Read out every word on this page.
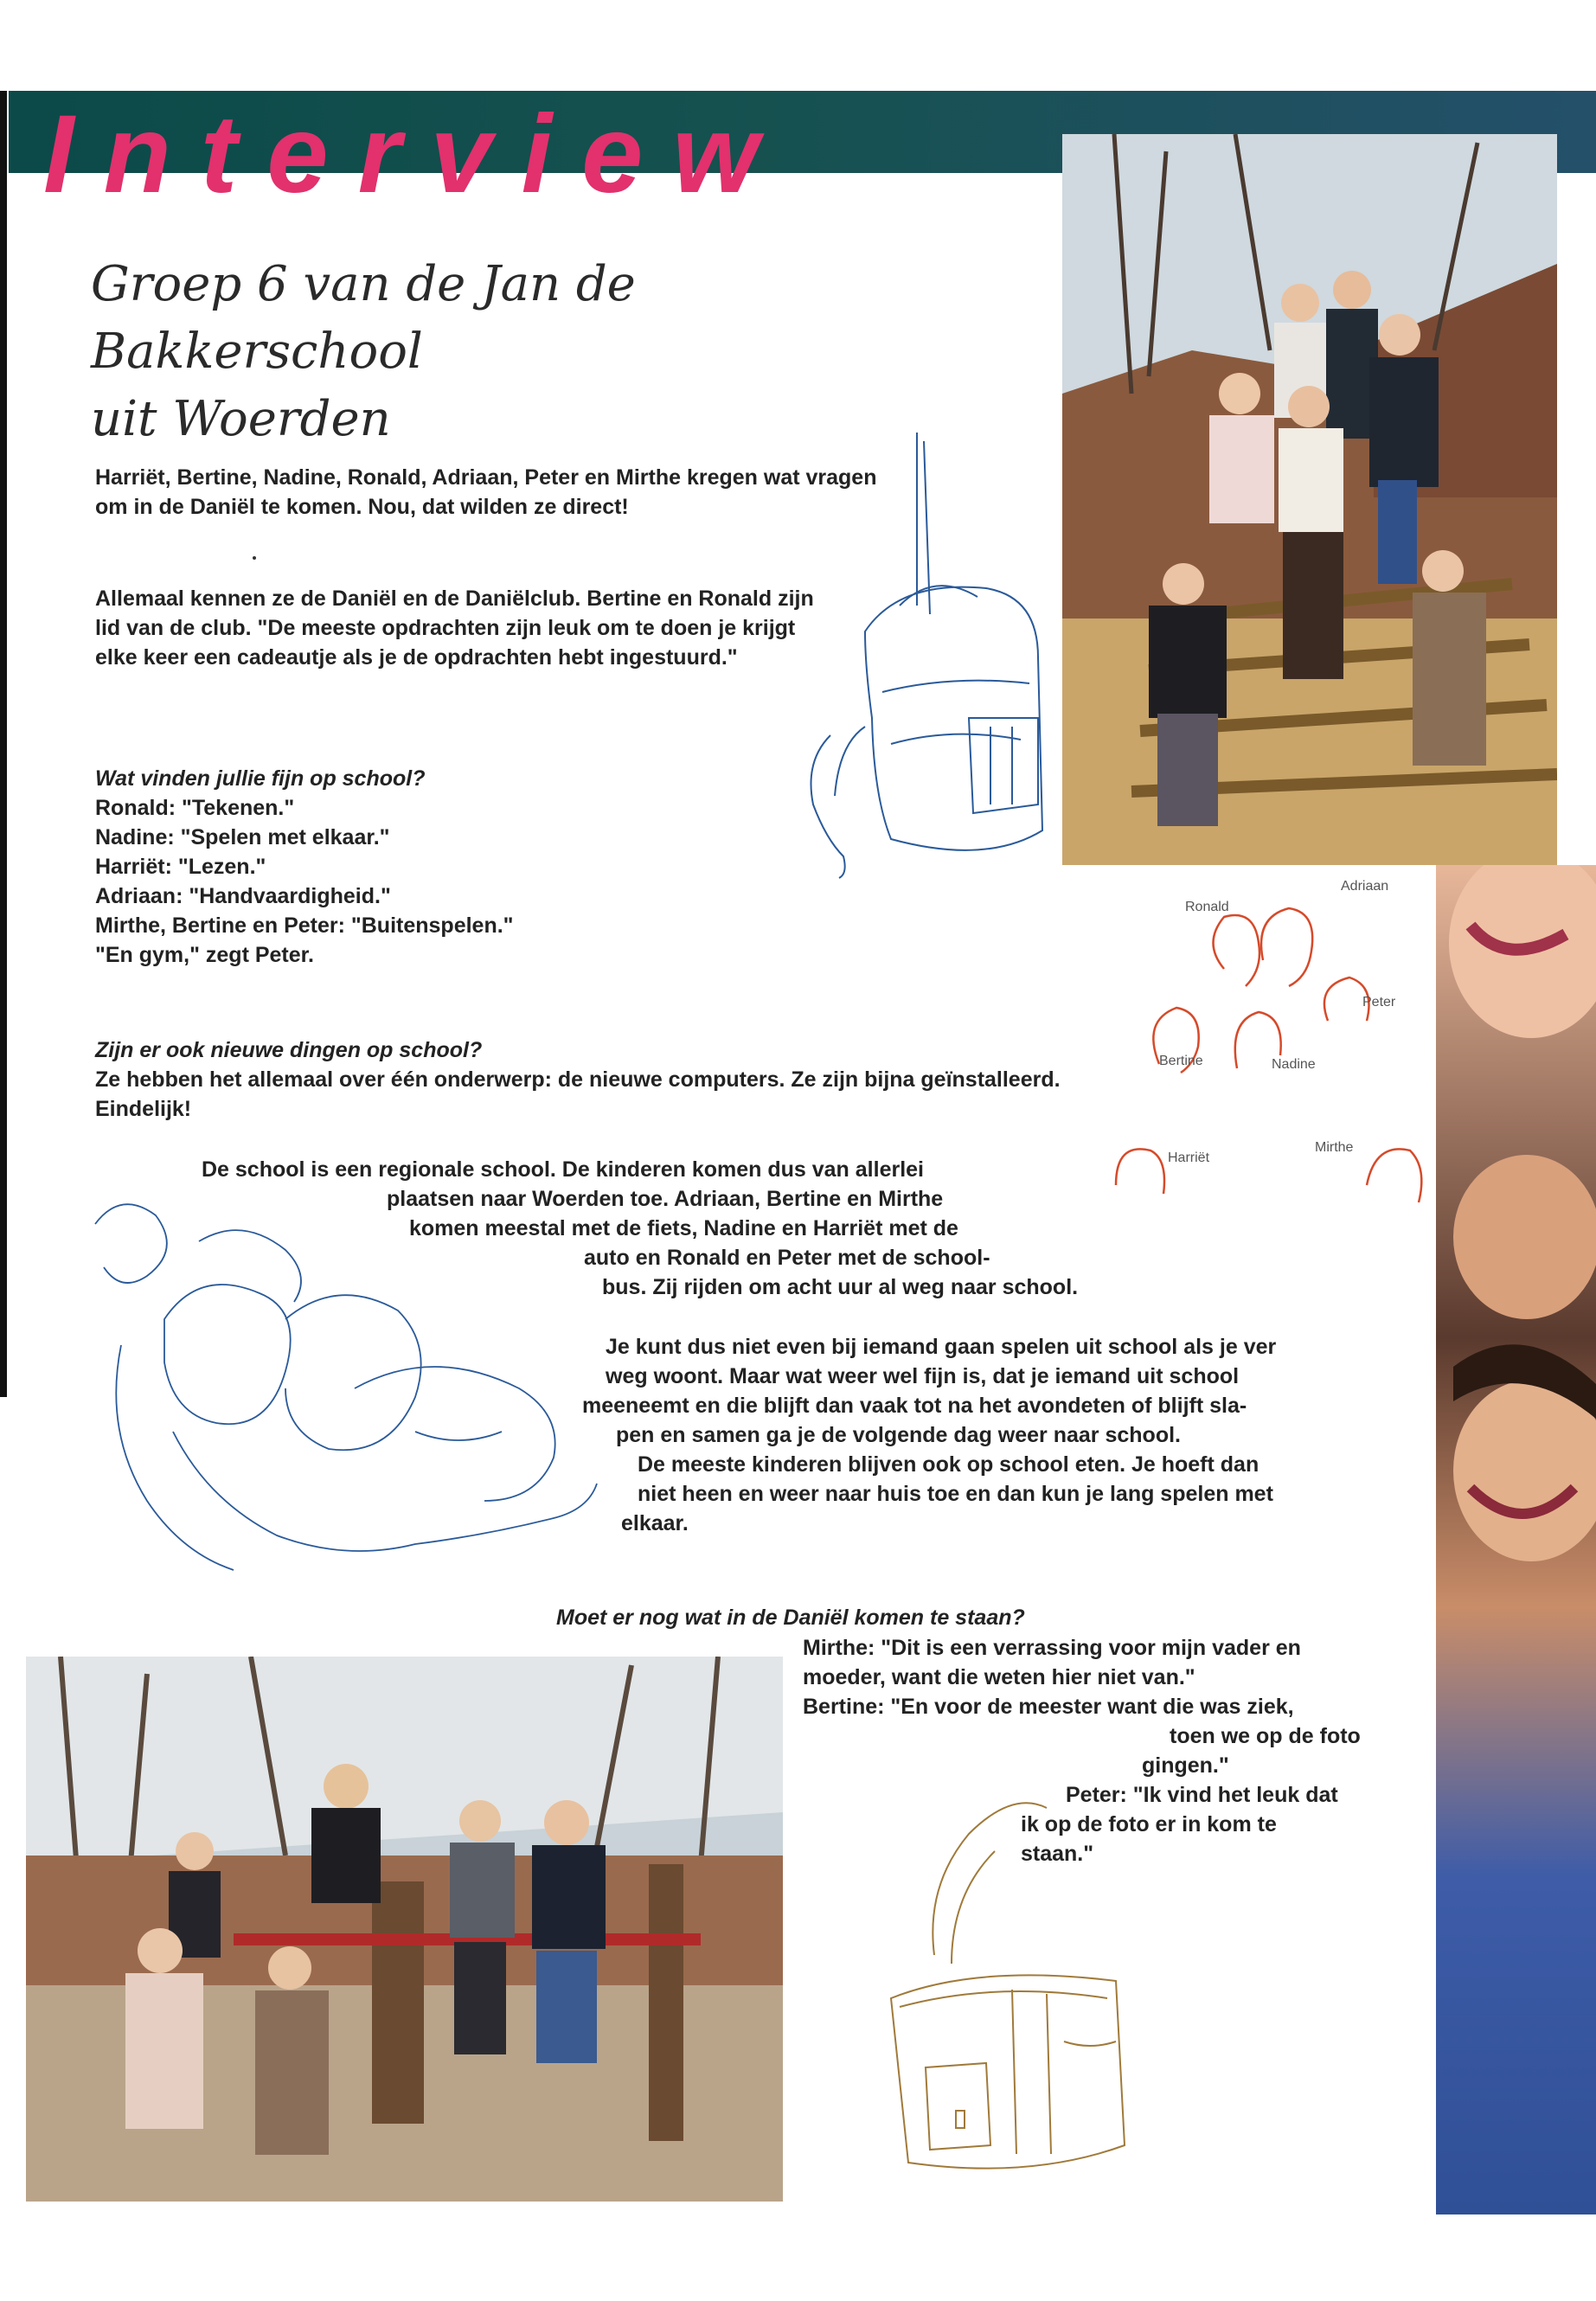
Interview
Groep 6 van de Jan de Bakkerschool
uit Woerden
Harriët, Bertine, Nadine, Ronald, Adriaan, Peter en Mirthe kregen wat vragen om in de Daniël te komen. Nou, dat wilden ze direct!
Allemaal kennen ze de Daniël en de Daniëlclub. Bertine en Ronald zijn lid van de club. "De meeste opdrachten zijn leuk om te doen je krijgt elke keer een cadeautje als je de opdrachten hebt ingestuurd."
Wat vinden jullie fijn op school?
Ronald: "Tekenen."
Nadine: "Spelen met elkaar."
Harriët: "Lezen."
Adriaan: "Handvaardigheid."
Mirthe, Bertine en Peter: "Buitenspelen."
"En gym," zegt Peter.
Ronald
Adriaan
Peter
Bertine	Nadine
Harriët
Mirthe
Zijn er ook nieuwe dingen op school?
Ze hebben het allemaal over één onderwerp: de nieuwe computers. Ze zijn bijna geïnstalleerd. Eindelijk!
De school is een regionale school. De kinderen komen dus van allerlei
plaatsen naar Woerden toe. Adriaan, Bertine en Mirthe
komen meestal met de fiets, Nadine en Harriët met de
auto en Ronald en Peter met de school-
bus. Zij rijden om acht uur al weg naar school.
Je kunt dus niet even bij iemand gaan spelen uit school als je ver
weg woont. Maar wat weer wel fijn is, dat je iemand uit school
meeneemt en die blijft dan vaak tot na het avondeten of blijft sla-
pen en samen ga je de volgende dag weer naar school.
De meeste kinderen blijven ook op school eten. Je hoeft dan
niet heen en weer naar huis toe en dan kun je lang spelen met
elkaar.
Moet er nog wat in de Daniël komen te staan?
Mirthe: "Dit is een verrassing voor mijn vader en
moeder, want die weten hier niet van."
Bertine: "En voor de meester want die was ziek,
toen we op de foto
gingen."
Peter: "Ik vind het leuk dat
ik op de foto er in kom te
staan."
